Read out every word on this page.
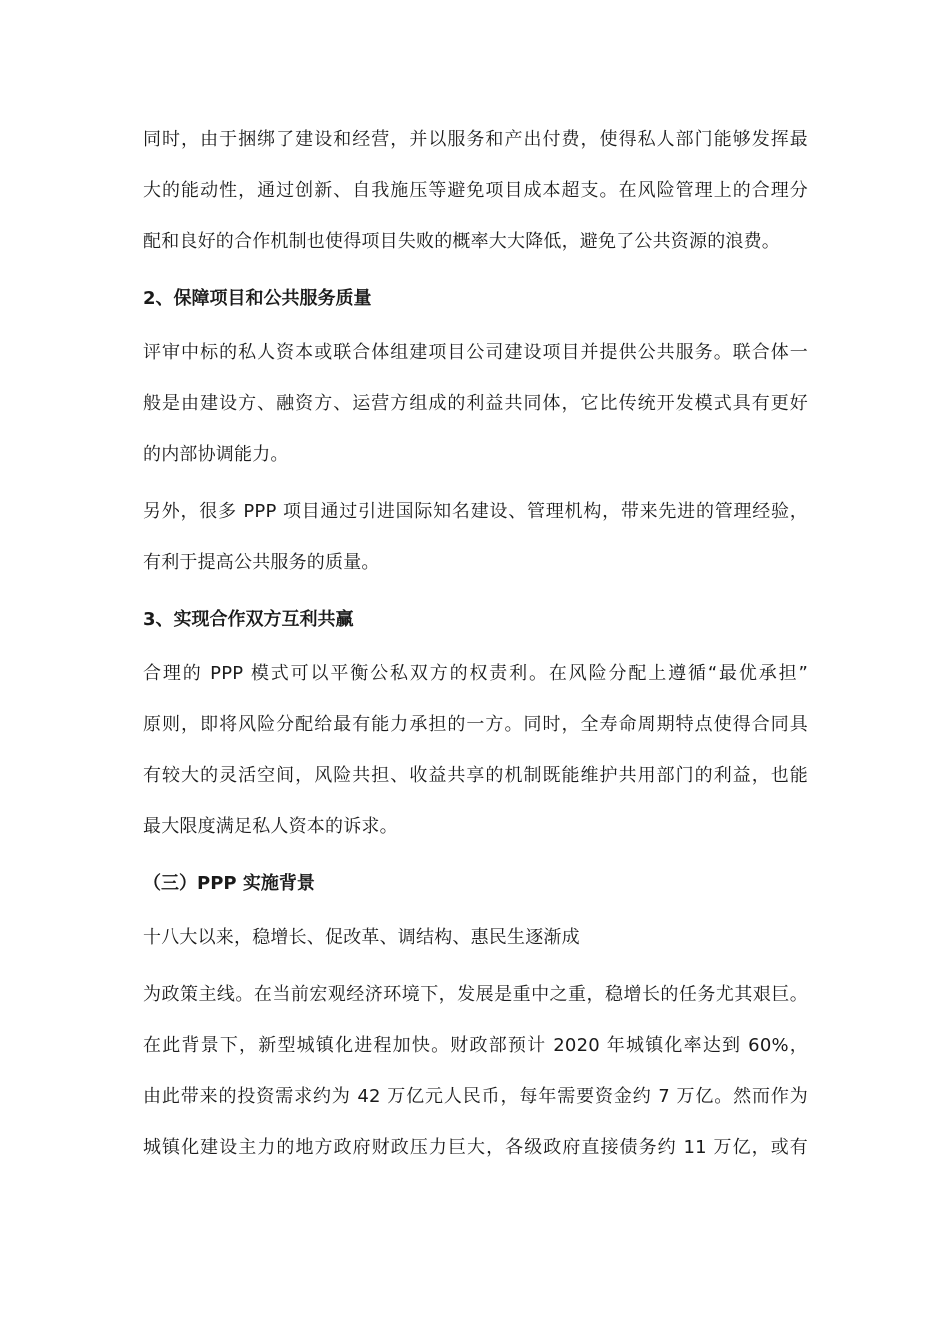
同时，由于捆绑了建设和经营，并以服务和产出付费，使得私人部门能够发挥最
大的能动性，通过创新、自我施压等避免项目成本超支。在风险管理上的合理分
配和良好的合作机制也使得项目失败的概率大大降低，避免了公共资源的浪费。
2、保障项目和公共服务质量
评审中标的私人资本或联合体组建项目公司建设项目并提供公共服务。联合体一
般是由建设方、融资方、运营方组成的利益共同体，它比传统开发模式具有更好
的内部协调能力。
另外，很多 PPP 项目通过引进国际知名建设、管理机构，带来先进的管理经验，
有利于提高公共服务的质量。
3、实现合作双方互利共赢
合理的 PPP 模式可以平衡公私双方的权责利。在风险分配上遵循“最优承担”
原则，即将风险分配给最有能力承担的一方。同时，全寿命周期特点使得合同具
有较大的灵活空间，风险共担、收益共享的机制既能维护共用部门的利益，也能
最大限度满足私人资本的诉求。
（三）PPP 实施背景
十八大以来，稳增长、促改革、调结构、惠民生逐渐成
为政策主线。在当前宏观经济环境下，发展是重中之重，稳增长的任务尤其艰巨。
在此背景下，新型城镇化进程加快。财政部预计 2020 年城镇化率达到 60%，
由此带来的投资需求约为 42 万亿元人民币，每年需要资金约 7 万亿。然而作为
城镇化建设主力的地方政府财政压力巨大，各级政府直接债务约 11 万亿，或有
